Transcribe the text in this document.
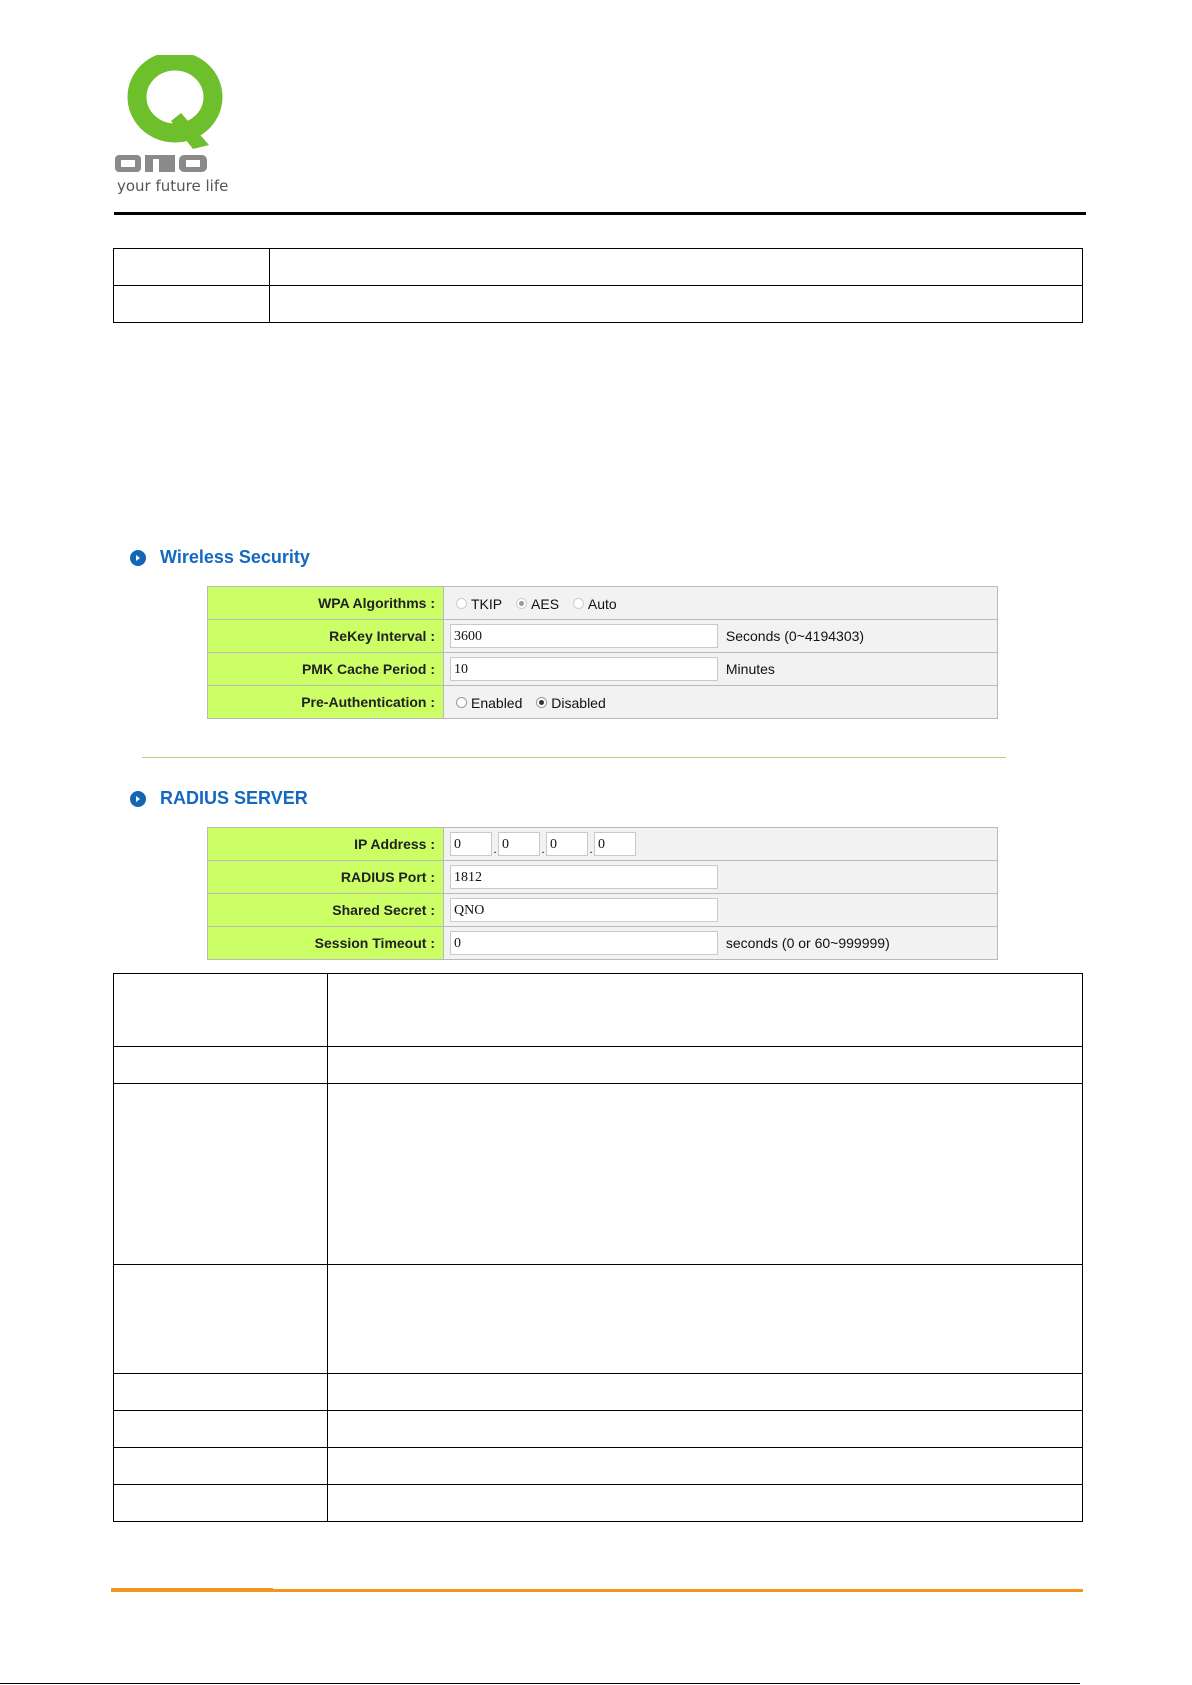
your future life

Wireless Security
WPA Algorithms :	TKIP AES Auto
ReKey Interval :	3600 Seconds (0~4194303)
PMK Cache Period :	10 Minutes
Pre-Authentication :	Enabled Disabled
RADIUS SERVER
IP Address :	0 . 0 . 0 . 0
RADIUS Port :	1812
Shared Secret :	QNO
Session Timeout :	0 seconds (0 or 60~999999)
